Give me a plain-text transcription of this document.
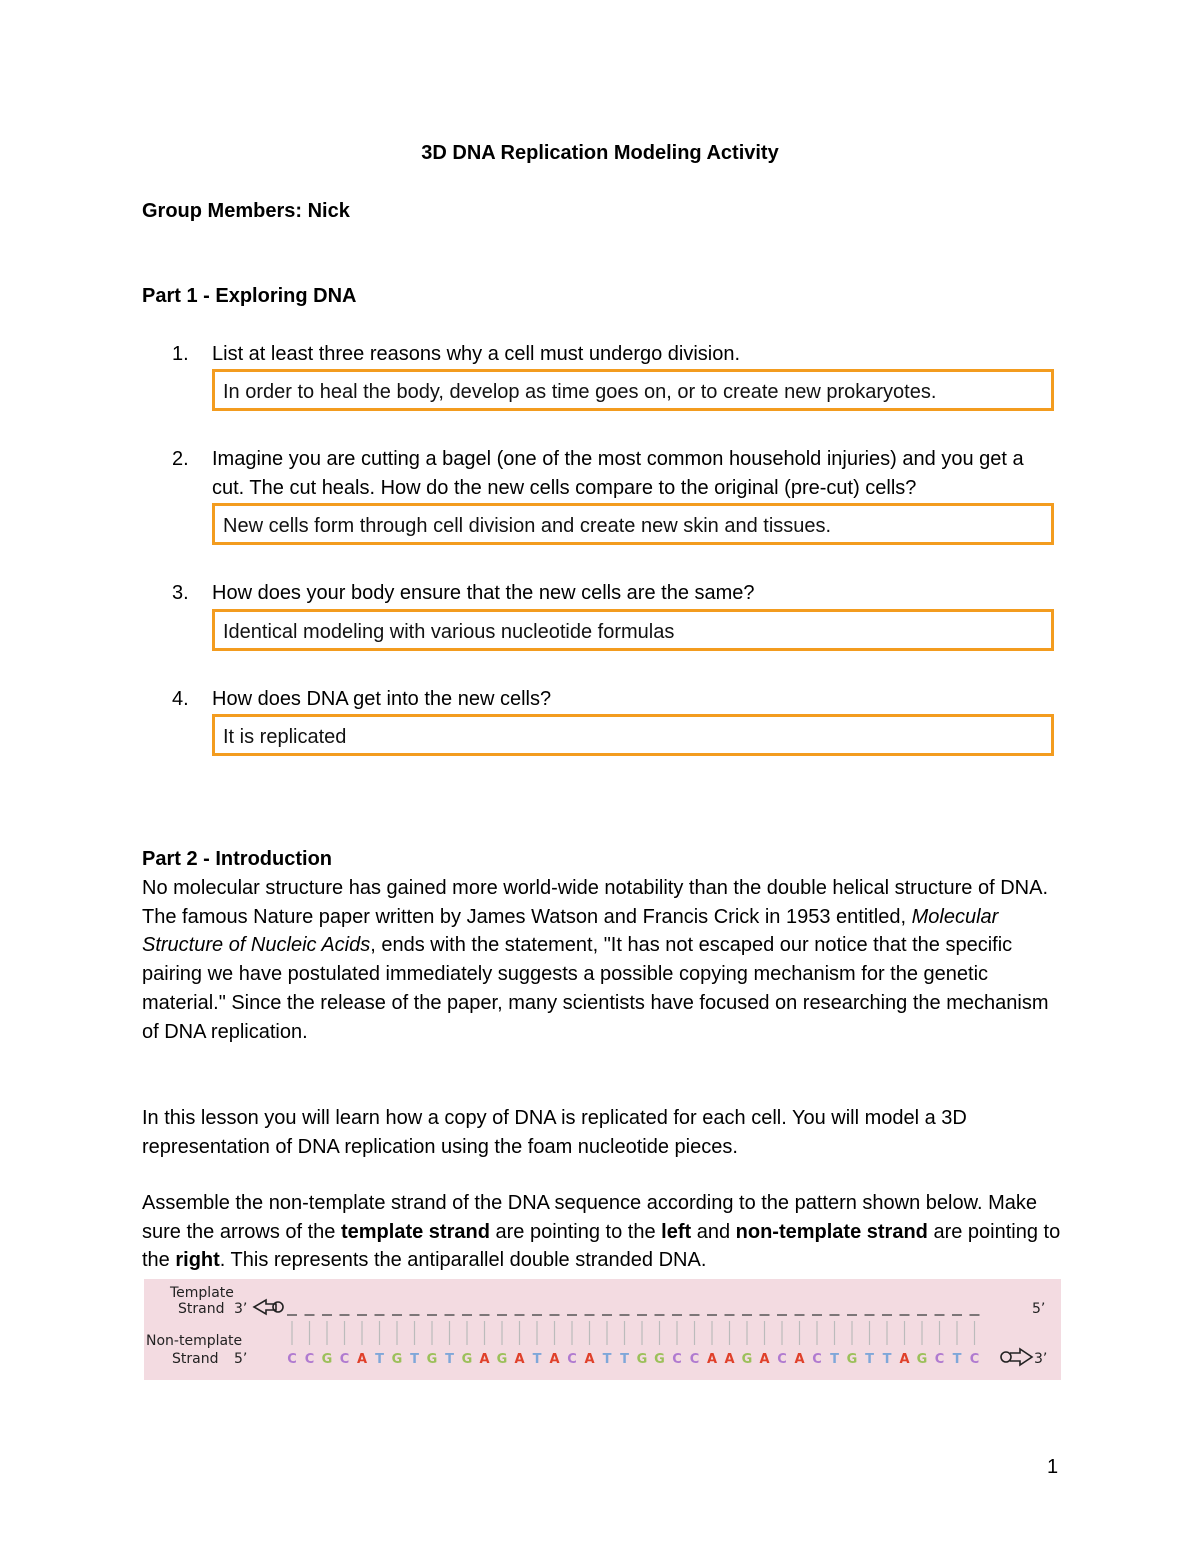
3D DNA Replication Modeling Activity
Group Members: Nick
Part 1 - Exploring DNA
1.	List at least three reasons why a cell must undergo division.
In order to heal the body, develop as time goes on, or to create new prokaryotes.
2.	Imagine you are cutting a bagel (one of the most common household injuries) and you get a cut. The cut heals. How do the new cells compare to the original (pre-cut) cells?
New cells form through cell division and create new skin and tissues.
3.	How does your body ensure that the new cells are the same?
Identical modeling with various nucleotide formulas
4.	How does DNA get into the new cells?
It is replicated
Part 2 - Introduction

No molecular structure has gained more world-wide notability than the double helical structure of DNA. The famous Nature paper written by James Watson and Francis Crick in 1953 entitled, Molecular Structure of Nucleic Acids, ends with the statement, "It has not escaped our notice that the specific pairing we have postulated immediately suggests a possible copying mechanism for the genetic material." Since the release of the paper, many scientists have focused on researching the mechanism of DNA replication.

In this lesson you will learn how a copy of DNA is replicated for each cell. You will model a 3D representation of DNA replication using the foam nucleotide pieces.

Assemble the non-template strand of the DNA sequence according to the pattern shown below. Make sure the arrows of the template strand are pointing to the left and non-template strand are pointing to the right. This represents the antiparallel double stranded DNA.

Template
Strand 3’	5’
Non-template
Strand 5’	3’
C C G C A T G T G T G A G A T A C A T T G G C C A A G A C A C T G T T A G C T C
1
